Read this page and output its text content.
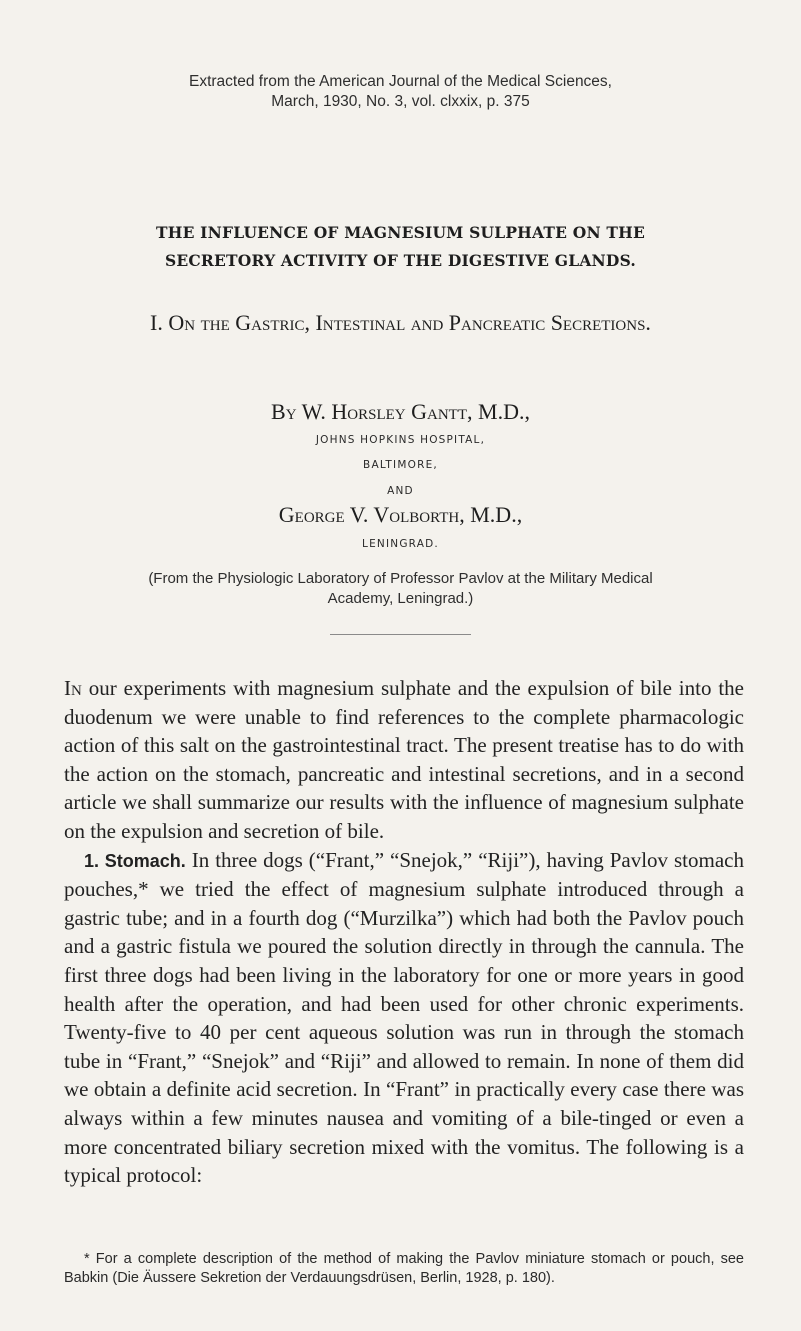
Extracted from the American Journal of the Medical Sciences,
March, 1930, No. 3, vol. clxxix, p. 375
THE INFLUENCE OF MAGNESIUM SULPHATE ON THE
SECRETORY ACTIVITY OF THE DIGESTIVE GLANDS.
I. On the Gastric, Intestinal and Pancreatic Secretions.
By W. Horsley Gantt, M.D.,
JOHNS HOPKINS HOSPITAL,
BALTIMORE,
AND
George V. Volborth, M.D.,
LENINGRAD.
(From the Physiologic Laboratory of Professor Pavlov at the Military Medical
Academy, Leningrad.)

In our experiments with magnesium sulphate and the expulsion of bile into the duodenum we were unable to find references to the complete pharmacologic action of this salt on the gastrointestinal tract. The present treatise has to do with the action on the stomach, pancreatic and intestinal secretions, and in a second article we shall summarize our results with the influence of magnesium sulphate on the expulsion and secretion of bile.

1. Stomach. In three dogs (“Frant,” “Snejok,” “Riji”), having Pavlov stomach pouches,* we tried the effect of magnesium sulphate introduced through a gastric tube; and in a fourth dog (“Murzilka”) which had both the Pavlov pouch and a gastric fistula we poured the solution directly in through the cannula. The first three dogs had been living in the laboratory for one or more years in good health after the operation, and had been used for other chronic experiments. Twenty-five to 40 per cent aqueous solution was run in through the stomach tube in “Frant,” “Snejok” and “Riji” and allowed to remain. In none of them did we obtain a definite acid secretion. In “Frant” in practically every case there was always within a few minutes nausea and vomiting of a bile-tinged or even a more concentrated biliary secretion mixed with the vomitus. The following is a typical protocol:

* For a complete description of the method of making the Pavlov miniature stomach or pouch, see Babkin (Die Äussere Sekretion der Verdauungsdrüsen, Berlin, 1928, p. 180).
